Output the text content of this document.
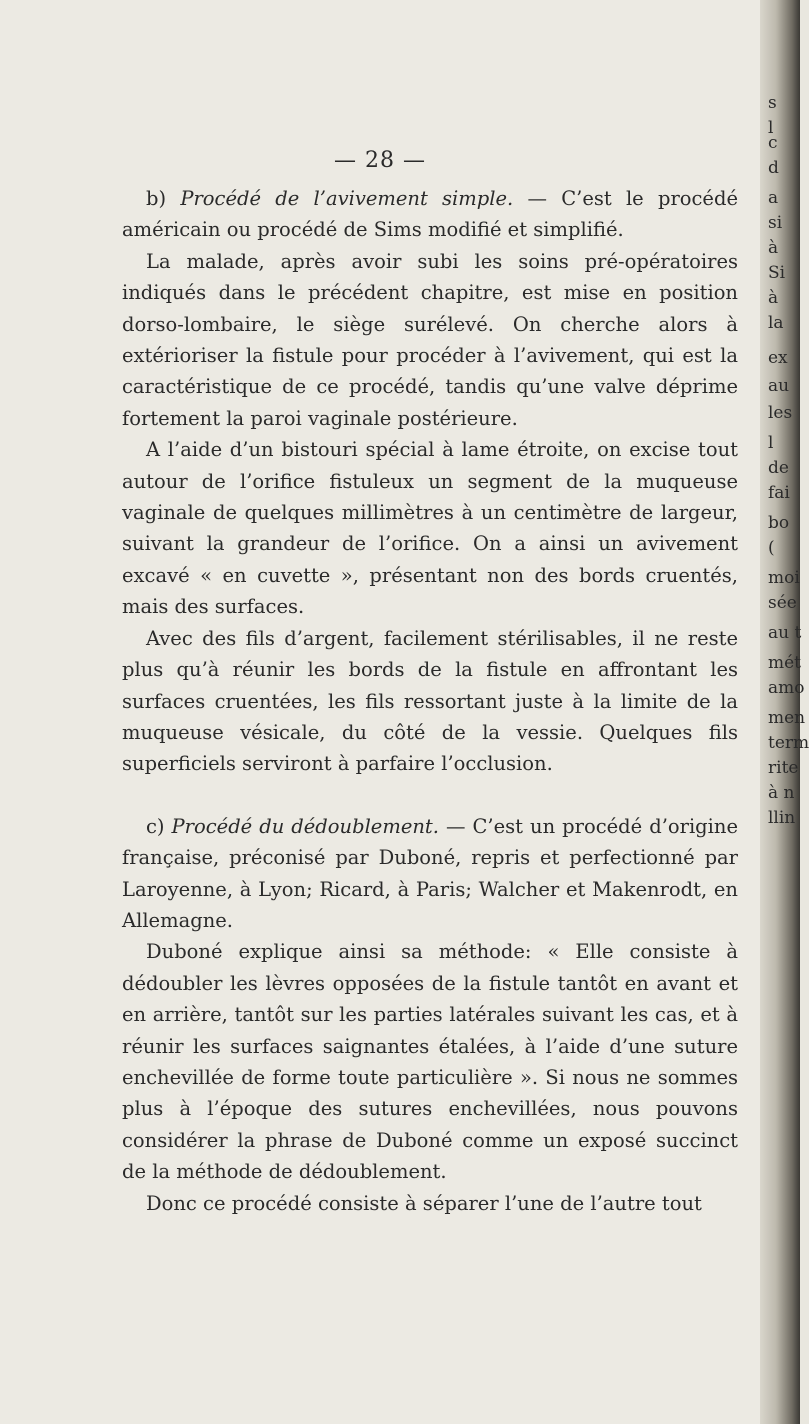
— 28 —

b) Procédé de l’avivement simple. — C’est le procédé américain ou procédé de Sims modifié et simplifié.

La malade, après avoir subi les soins pré-opératoires indiqués dans le précédent chapitre, est mise en position dorso-lombaire, le siège surélevé. On cherche alors à extérioriser la fistule pour procéder à l’avivement, qui est la caractéristique de ce procédé, tandis qu’une valve déprime fortement la paroi vaginale postérieure.

A l’aide d’un bistouri spécial à lame étroite, on excise tout autour de l’orifice fistuleux un segment de la muqueuse vaginale de quelques millimètres à un centimètre de largeur, suivant la grandeur de l’orifice. On a ainsi un avivement excavé « en cuvette », présentant non des bords cruentés, mais des surfaces.

Avec des fils d’argent, facilement stérilisables, il ne reste plus qu’à réunir les bords de la fistule en affrontant les surfaces cruentées, les fils ressortant juste à la limite de la muqueuse vésicale, du côté de la vessie. Quelques fils superficiels serviront à parfaire l’occlusion.

c) Procédé du dédoublement. — C’est un procédé d’origine française, préconisé par Duboné, repris et perfectionné par Laroyenne, à Lyon; Ricard, à Paris; Walcher et Makenrodt, en Allemagne.

Duboné explique ainsi sa méthode: « Elle consiste à dédoubler les lèvres opposées de la fistule tantôt en avant et en arrière, tantôt sur les parties latérales suivant les cas, et à réunir les surfaces saignantes étalées, à l’aide d’une suture enchevillée de forme toute particulière ». Si nous ne sommes plus à l’époque des sutures enchevillées, nous pouvons considérer la phrase de Duboné comme un exposé succinct de la méthode de dédoublement.

Donc ce procédé consiste à séparer l’une de l’autre tout

s
l
c
d
a
si
à
Si
à
la
ex
au
les
l
de
fai
bo
(
moi
sée
au t
mét
amo
men
term
rite
à n
llin
